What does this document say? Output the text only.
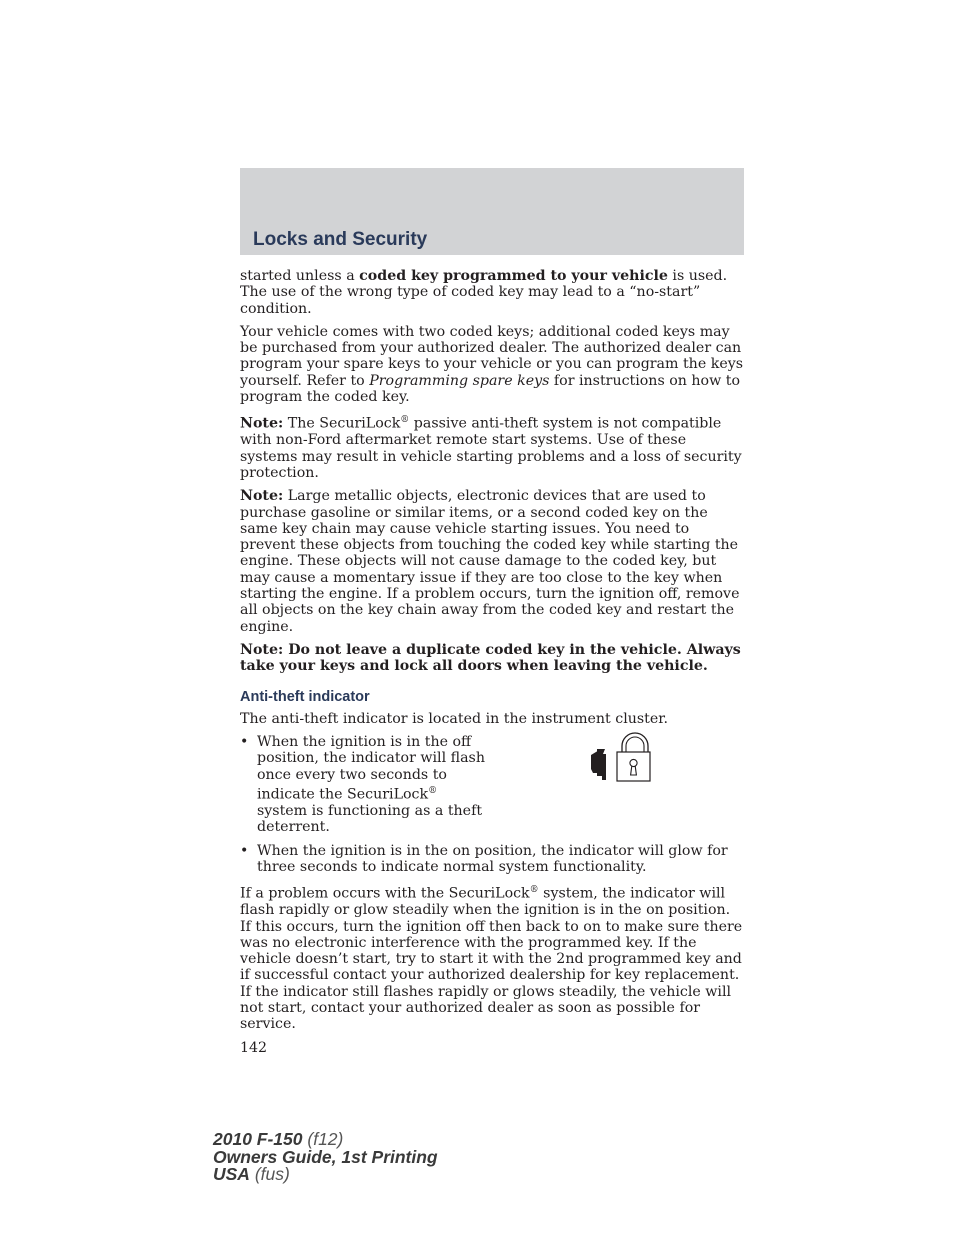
Locks and Security

started unless a coded key programmed to your vehicle is used. The use of the wrong type of coded key may lead to a “no-start” condition.

Your vehicle comes with two coded keys; additional coded keys may be purchased from your authorized dealer. The authorized dealer can program your spare keys to your vehicle or you can program the keys yourself. Refer to Programming spare keys for instructions on how to program the coded key.

Note: The SecuriLock® passive anti-theft system is not compatible with non-Ford aftermarket remote start systems. Use of these systems may result in vehicle starting problems and a loss of security protection.

Note: Large metallic objects, electronic devices that are used to purchase gasoline or similar items, or a second coded key on the same key chain may cause vehicle starting issues. You need to prevent these objects from touching the coded key while starting the engine. These objects will not cause damage to the coded key, but may cause a momentary issue if they are too close to the key when starting the engine. If a problem occurs, turn the ignition off, remove all objects on the key chain away from the coded key and restart the engine.

Note: Do not leave a duplicate coded key in the vehicle. Always take your keys and lock all doors when leaving the vehicle.

Anti-theft indicator

The anti-theft indicator is located in the instrument cluster.

• When the ignition is in the off position, the indicator will flash once every two seconds to indicate the SecuriLock® system is functioning as a theft deterrent.
• When the ignition is in the on position, the indicator will glow for three seconds to indicate normal system functionality.

If a problem occurs with the SecuriLock® system, the indicator will flash rapidly or glow steadily when the ignition is in the on position. If this occurs, turn the ignition off then back to on to make sure there was no electronic interference with the programmed key. If the vehicle doesn’t start, try to start it with the 2nd programmed key and if successful contact your authorized dealership for key replacement. If the indicator still flashes rapidly or glows steadily, the vehicle will not start, contact your authorized dealer as soon as possible for service.

142
2010 F-150 (f12)
Owners Guide, 1st Printing
USA (fus)
